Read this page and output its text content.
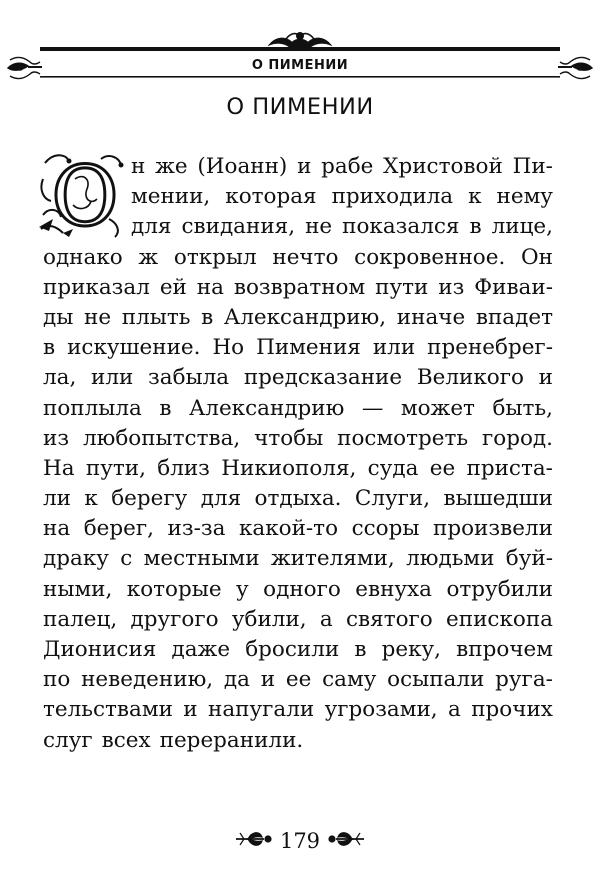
О ПИМЕНИИ
О ПИМЕНИИ
О н же (Иоанн) и рабе Христовой Пи-
мении, которая приходила к нему
для свидания, не показался в лице,
однако ж открыл нечто сокровенное. Он
приказал ей на возвратном пути из Фиваи-
ды не плыть в Александрию, иначе впадет
в искушение. Но Пимения или пренебрег-
ла, или забыла предсказание Великого и
поплыла в Александрию — может быть,
из любопытства, чтобы посмотреть город.
На пути, близ Никиополя, суда ее приста-
ли к берегу для отдыха. Слуги, вышедши
на берег, из-за какой-то ссоры произвели
драку с местными жителями, людьми буй-
ными, которые у одного евнуха отрубили
палец, другого убили, а святого епископа
Дионисия даже бросили в реку, впрочем
по неведению, да и ее саму осыпали руга-
тельствами и напугали угрозами, а прочих
слуг всех переранили.
179
